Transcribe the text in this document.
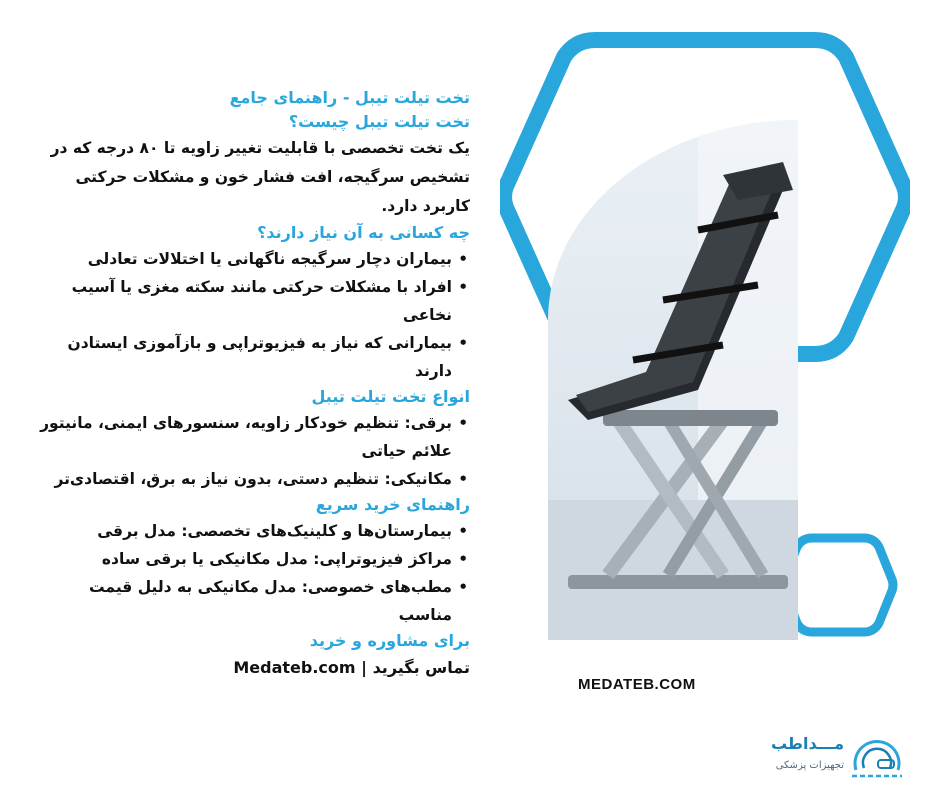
تخت تیلت تیبل - راهنمای جامع

تخت تیلت تیبل چیست؟

یک تخت تخصصی با قابلیت تغییر زاویه تا ۸۰ درجه که در تشخیص سرگیجه، افت فشار خون و مشکلات حرکتی کاربرد دارد.

چه کسانی به آن نیاز دارند؟

• بیماران دچار سرگیجه ناگهانی یا اختلالات تعادلی
• افراد با مشکلات حرکتی مانند سکته مغزی یا آسیب نخاعی
• بیمارانی که نیاز به فیزیوتراپی و بازآموزی ایستادن دارند

انواع تخت تیلت تیبل

• برقی: تنظیم خودکار زاویه، سنسورهای ایمنی، مانیتور علائم حیاتی
• مکانیکی: تنظیم دستی، بدون نیاز به برق، اقتصادی‌تر

راهنمای خرید سریع

• بیمارستان‌ها و کلینیک‌های تخصصی: مدل برقی
• مراکز فیزیوتراپی: مدل مکانیکی یا برقی ساده
• مطب‌های خصوصی: مدل مکانیکی به دلیل قیمت مناسب

برای مشاوره و خرید

تماس بگیرید | Medateb.com

MEDATEB.COM
مـــداطب
تجهیزات پزشکی
